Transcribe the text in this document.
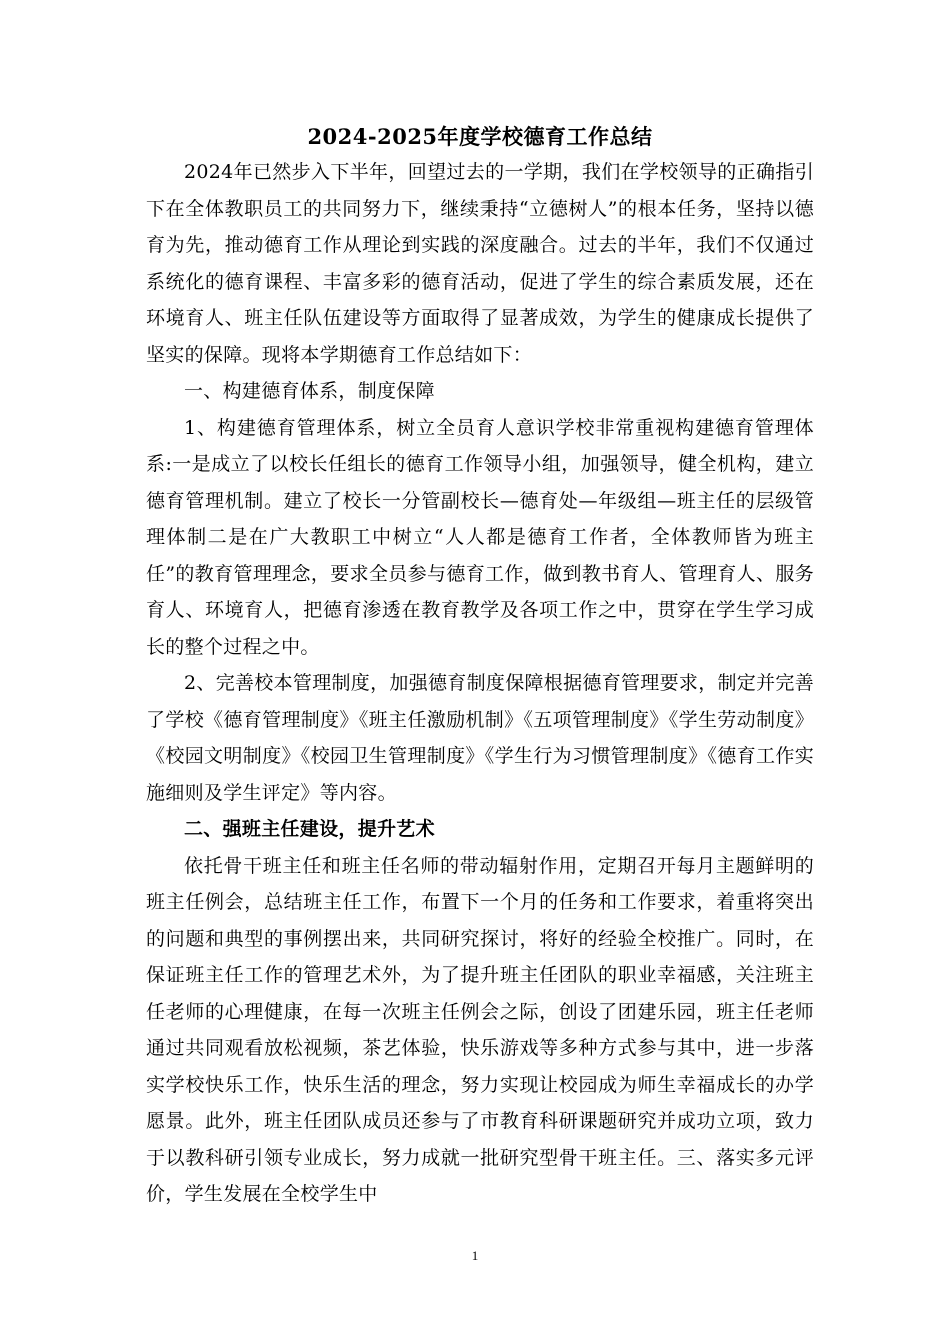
2024-2025年度学校德育工作总结

2024年已然步入下半年，回望过去的一学期，我们在学校领导的正确指引下在全体教职员工的共同努力下，继续秉持“立德树人”的根本任务，坚持以德育为先，推动德育工作从理论到实践的深度融合。过去的半年，我们不仅通过系统化的德育课程、丰富多彩的德育活动，促进了学生的综合素质发展，还在环境育人、班主任队伍建设等方面取得了显著成效，为学生的健康成长提供了坚实的保障。现将本学期德育工作总结如下：

一、构建德育体系，制度保障

1、构建德育管理体系，树立全员育人意识学校非常重视构建德育管理体系:一是成立了以校长任组长的德育工作领导小组，加强领导，健全机构，建立德育管理机制。建立了校长一分管副校长—德育处—年级组—班主任的层级管理体制二是在广大教职工中树立“人人都是德育工作者，全体教师皆为班主任”的教育管理理念，要求全员参与德育工作，做到教书育人、管理育人、服务育人、环境育人，把德育渗透在教育教学及各项工作之中，贯穿在学生学习成长的整个过程之中。

2、完善校本管理制度，加强德育制度保障根据德育管理要求，制定并完善了学校《德育管理制度》《班主任激励机制》《五项管理制度》《学生劳动制度》《校园文明制度》《校园卫生管理制度》《学生行为习惯管理制度》《德育工作实施细则及学生评定》等内容。

二、强班主任建设，提升艺术

依托骨干班主任和班主任名师的带动辐射作用，定期召开每月主题鲜明的班主任例会，总结班主任工作，布置下一个月的任务和工作要求，着重将突出的问题和典型的事例摆出来，共同研究探讨，将好的经验全校推广。同时，在保证班主任工作的管理艺术外，为了提升班主任团队的职业幸福感，关注班主任老师的心理健康，在每一次班主任例会之际，创设了团建乐园，班主任老师通过共同观看放松视频，茶艺体验，快乐游戏等多种方式参与其中，进一步落实学校快乐工作，快乐生活的理念，努力实现让校园成为师生幸福成长的办学愿景。此外，班主任团队成员还参与了市教育科研课题研究并成功立项，致力于以教科研引领专业成长，努力成就一批研究型骨干班主任。三、落实多元评价，学生发展在全校学生中

1
